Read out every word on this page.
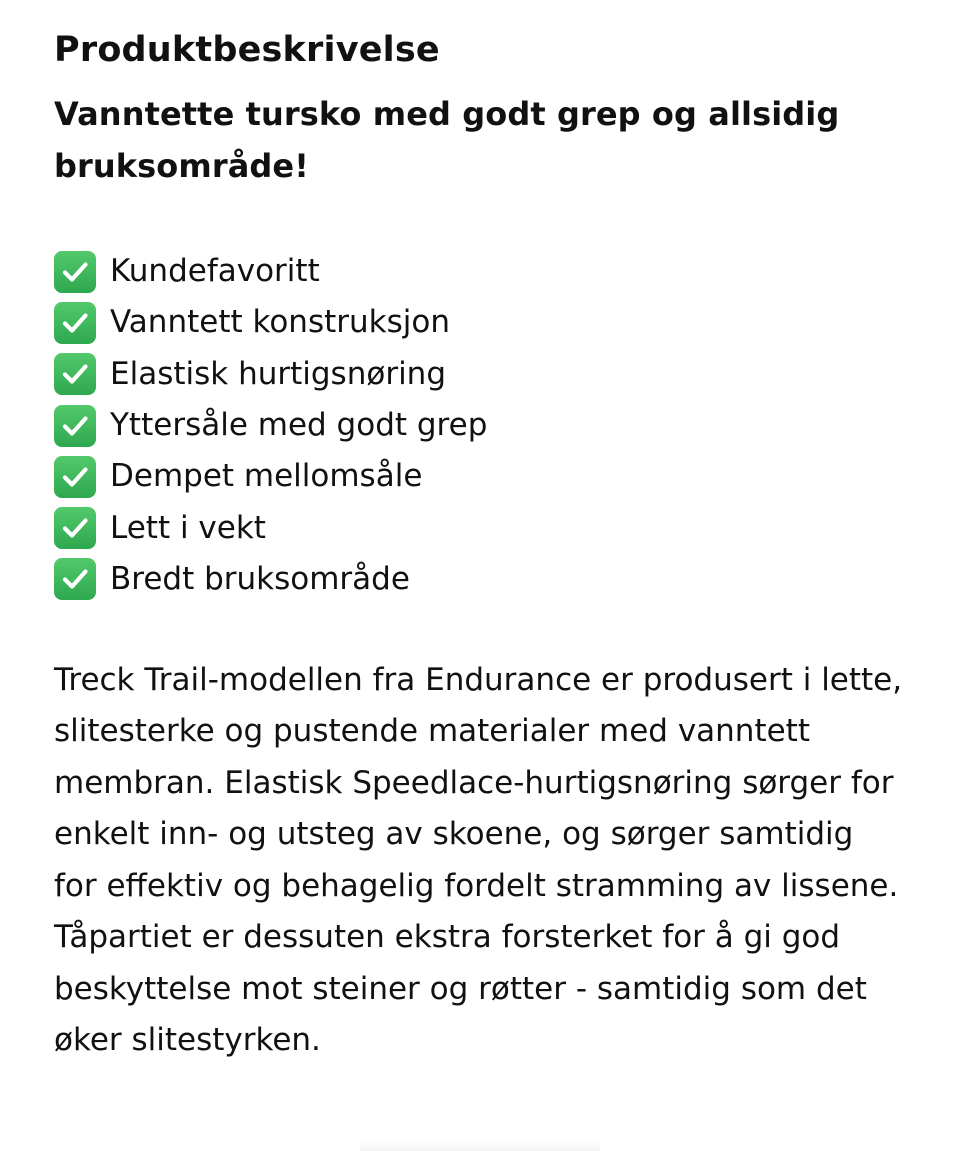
Produktbeskrivelse

Vanntette tursko med godt grep og allsidig bruksområde!

Kundefavoritt
Vanntett konstruksjon
Elastisk hurtigsnøring
Yttersåle med godt grep
Dempet mellomsåle
Lett i vekt
Bredt bruksområde

Treck Trail-modellen fra Endurance er produsert i lette, slitesterke og pustende materialer med vanntett membran. Elastisk Speedlace-hurtigsnøring sørger for enkelt inn- og utsteg av skoene, og sørger samtidig for effektiv og behagelig fordelt stramming av lissene. Tåpartiet er dessuten ekstra forsterket for å gi god beskyttelse mot steiner og røtter - samtidig som det øker slitestyrken.
